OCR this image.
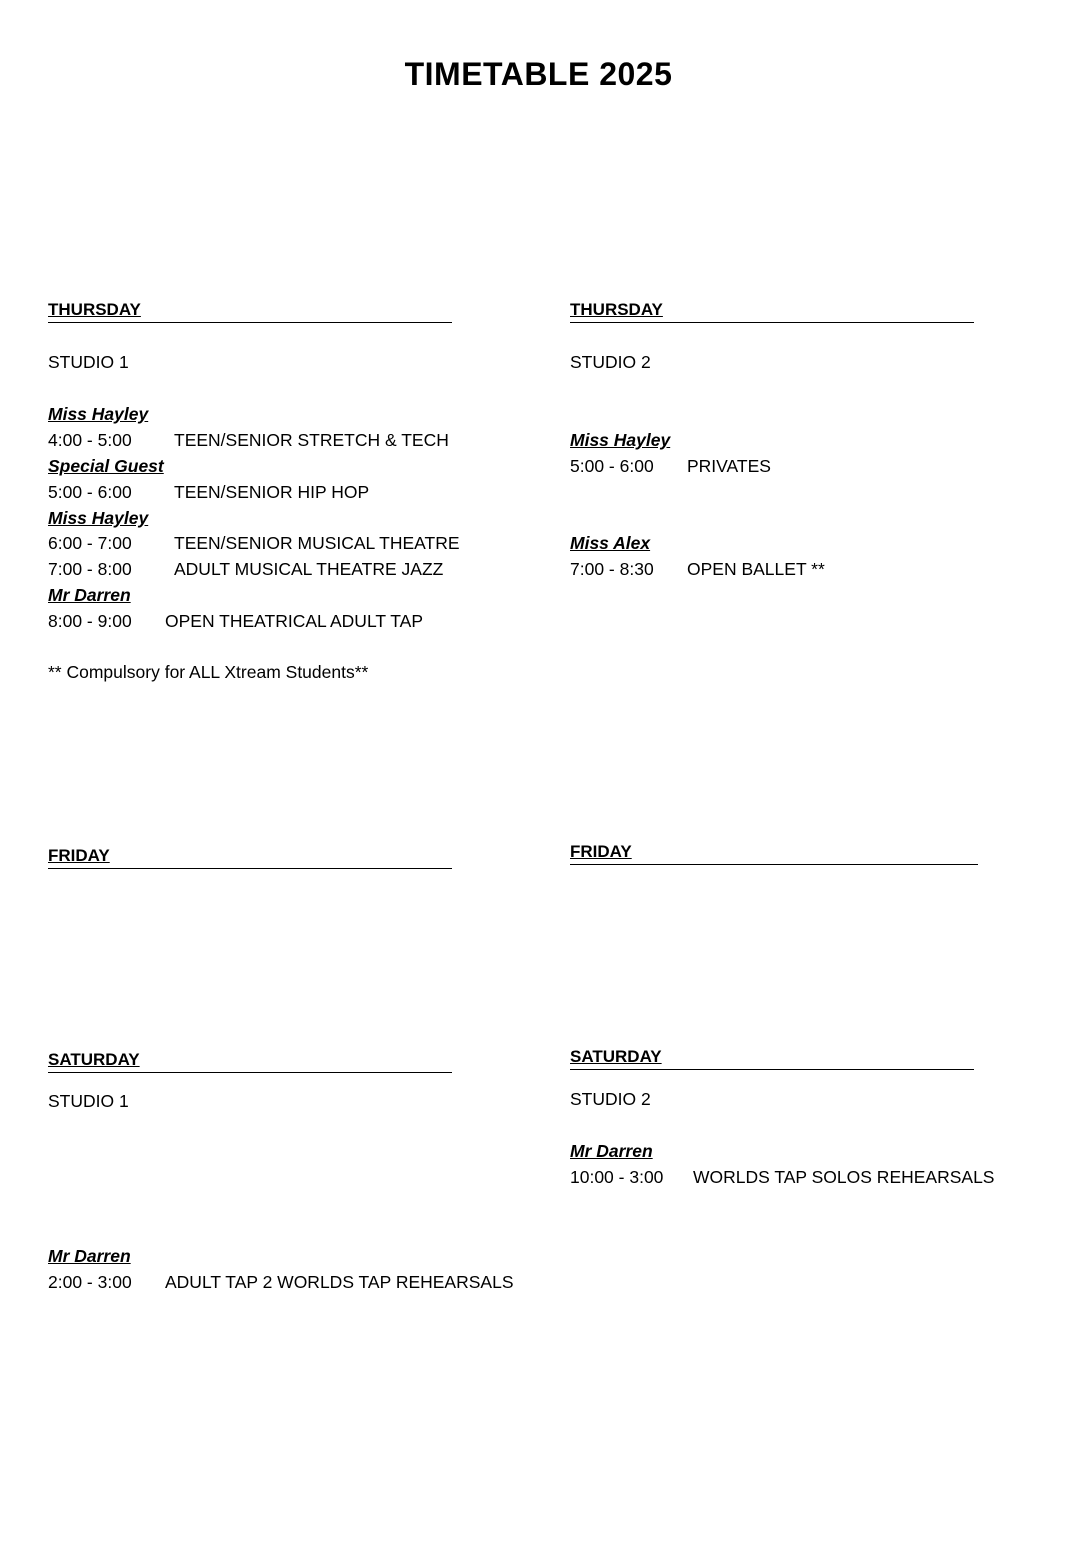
TIMETABLE 2025
THURSDAY
STUDIO 1
Miss Hayley
4:00 - 5:00 TEEN/SENIOR STRETCH & TECH
Special Guest
5:00 - 6:00 TEEN/SENIOR HIP HOP
Miss Hayley
6:00 - 7:00 TEEN/SENIOR MUSICAL THEATRE
7:00 - 8:00 ADULT MUSICAL THEATRE JAZZ
Mr Darren
8:00 - 9:00 OPEN THEATRICAL ADULT TAP
** Compulsory for ALL Xtream Students**
THURSDAY
STUDIO 2
Miss Hayley
5:00 - 6:00 PRIVATES
Miss Alex
7:00 - 8:30 OPEN BALLET **
FRIDAY	FRIDAY
SATURDAY
STUDIO 1
Mr Darren
2:00 - 3:00 ADULT TAP 2 WORLDS TAP REHEARSALS
SATURDAY
STUDIO 2
Mr Darren
10:00 - 3:00 WORLDS TAP SOLOS REHEARSALS
